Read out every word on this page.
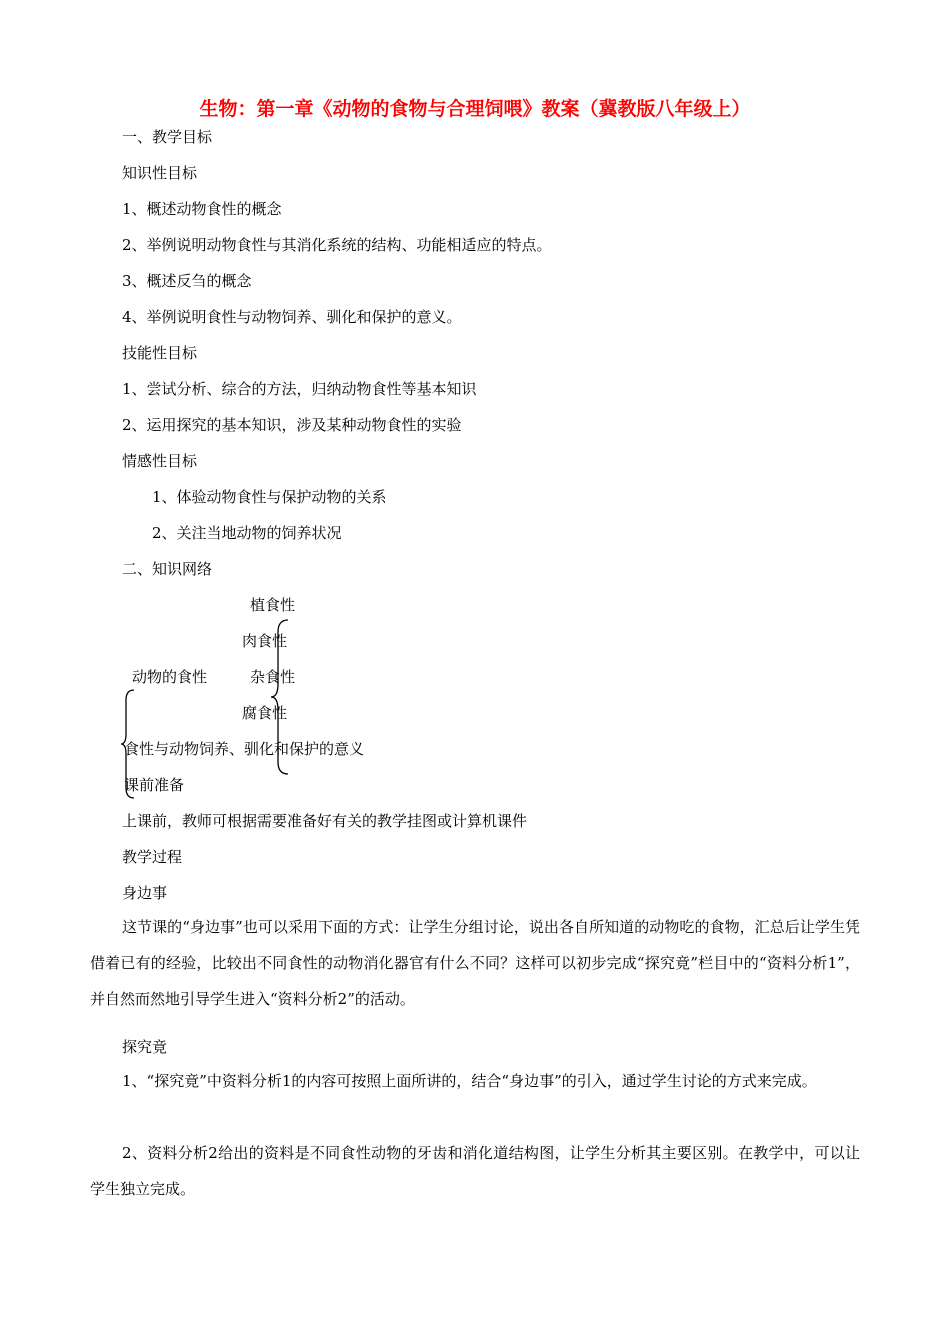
生物：第一章《动物的食物与合理饲喂》教案（冀教版八年级上）
一、教学目标
知识性目标
1、概述动物食性的概念
2、举例说明动物食性与其消化系统的结构、功能相适应的特点。
3、概述反刍的概念
4、举例说明食性与动物饲养、驯化和保护的意义。
技能性目标
1、尝试分析、综合的方法，归纳动物食性等基本知识
2、运用探究的基本知识，涉及某种动物食性的实验
情感性目标
1、体验动物食性与保护动物的关系
2、关注当地动物的饲养状况
二、知识网络
植食性
肉食性
动物的食性	杂食性
腐食性
食性与动物饲养、驯化和保护的意义
课前准备
上课前，教师可根据需要准备好有关的教学挂图或计算机课件
教学过程
身边事
这节课的“身边事”也可以采用下面的方式：让学生分组讨论，说出各自所知道的动物吃的食物，汇总后让学生凭借着已有的经验，比较出不同食性的动物消化器官有什么不同？这样可以初步完成“探究竟”栏目中的“资料分析1”，并自然而然地引导学生进入“资料分析2”的活动。
探究竟
1、“探究竟”中资料分析1的内容可按照上面所讲的，结合“身边事”的引入，通过学生讨论的方式来完成。
2、资料分析2给出的资料是不同食性动物的牙齿和消化道结构图，让学生分析其主要区别。在教学中，可以让学生独立完成。
